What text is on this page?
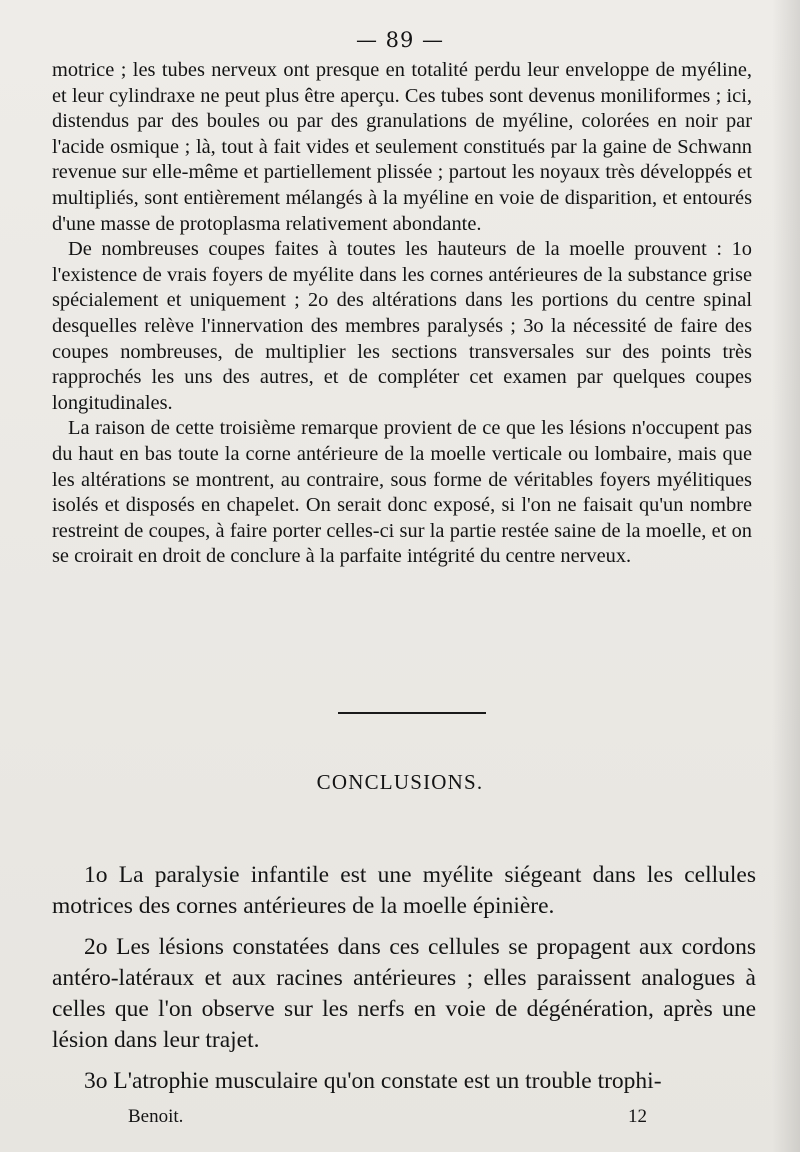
— 89 —

motrice ; les tubes nerveux ont presque en totalité perdu leur enveloppe de myéline, et leur cylindraxe ne peut plus être aperçu. Ces tubes sont devenus moniliformes ; ici, distendus par des boules ou par des granulations de myéline, colorées en noir par l'acide osmique ; là, tout à fait vides et seulement constitués par la gaine de Schwann revenue sur elle-même et partiellement plissée ; partout les noyaux très développés et multipliés, sont entièrement mélangés à la myéline en voie de disparition, et entourés d'une masse de protoplasma relativement abondante.

De nombreuses coupes faites à toutes les hauteurs de la moelle prouvent : 1o l'existence de vrais foyers de myélite dans les cornes antérieures de la substance grise spécialement et uniquement ; 2o des altérations dans les portions du centre spinal desquelles relève l'innervation des membres paralysés ; 3o la nécessité de faire des coupes nombreuses, de multiplier les sections transversales sur des points très rapprochés les uns des autres, et de compléter cet examen par quelques coupes longitudinales.

La raison de cette troisième remarque provient de ce que les lésions n'occupent pas du haut en bas toute la corne antérieure de la moelle verticale ou lombaire, mais que les altérations se montrent, au contraire, sous forme de véritables foyers myélitiques isolés et disposés en chapelet. On serait donc exposé, si l'on ne faisait qu'un nombre restreint de coupes, à faire porter celles-ci sur la partie restée saine de la moelle, et on se croirait en droit de conclure à la parfaite intégrité du centre nerveux.

CONCLUSIONS.

1o La paralysie infantile est une myélite siégeant dans les cellules motrices des cornes antérieures de la moelle épinière.

2o Les lésions constatées dans ces cellules se propagent aux cordons antéro-latéraux et aux racines antérieures ; elles paraissent analogues à celles que l'on observe sur les nerfs en voie de dégénération, après une lésion dans leur trajet.

3o L'atrophie musculaire qu'on constate est un trouble trophi-

Benoit.	12
